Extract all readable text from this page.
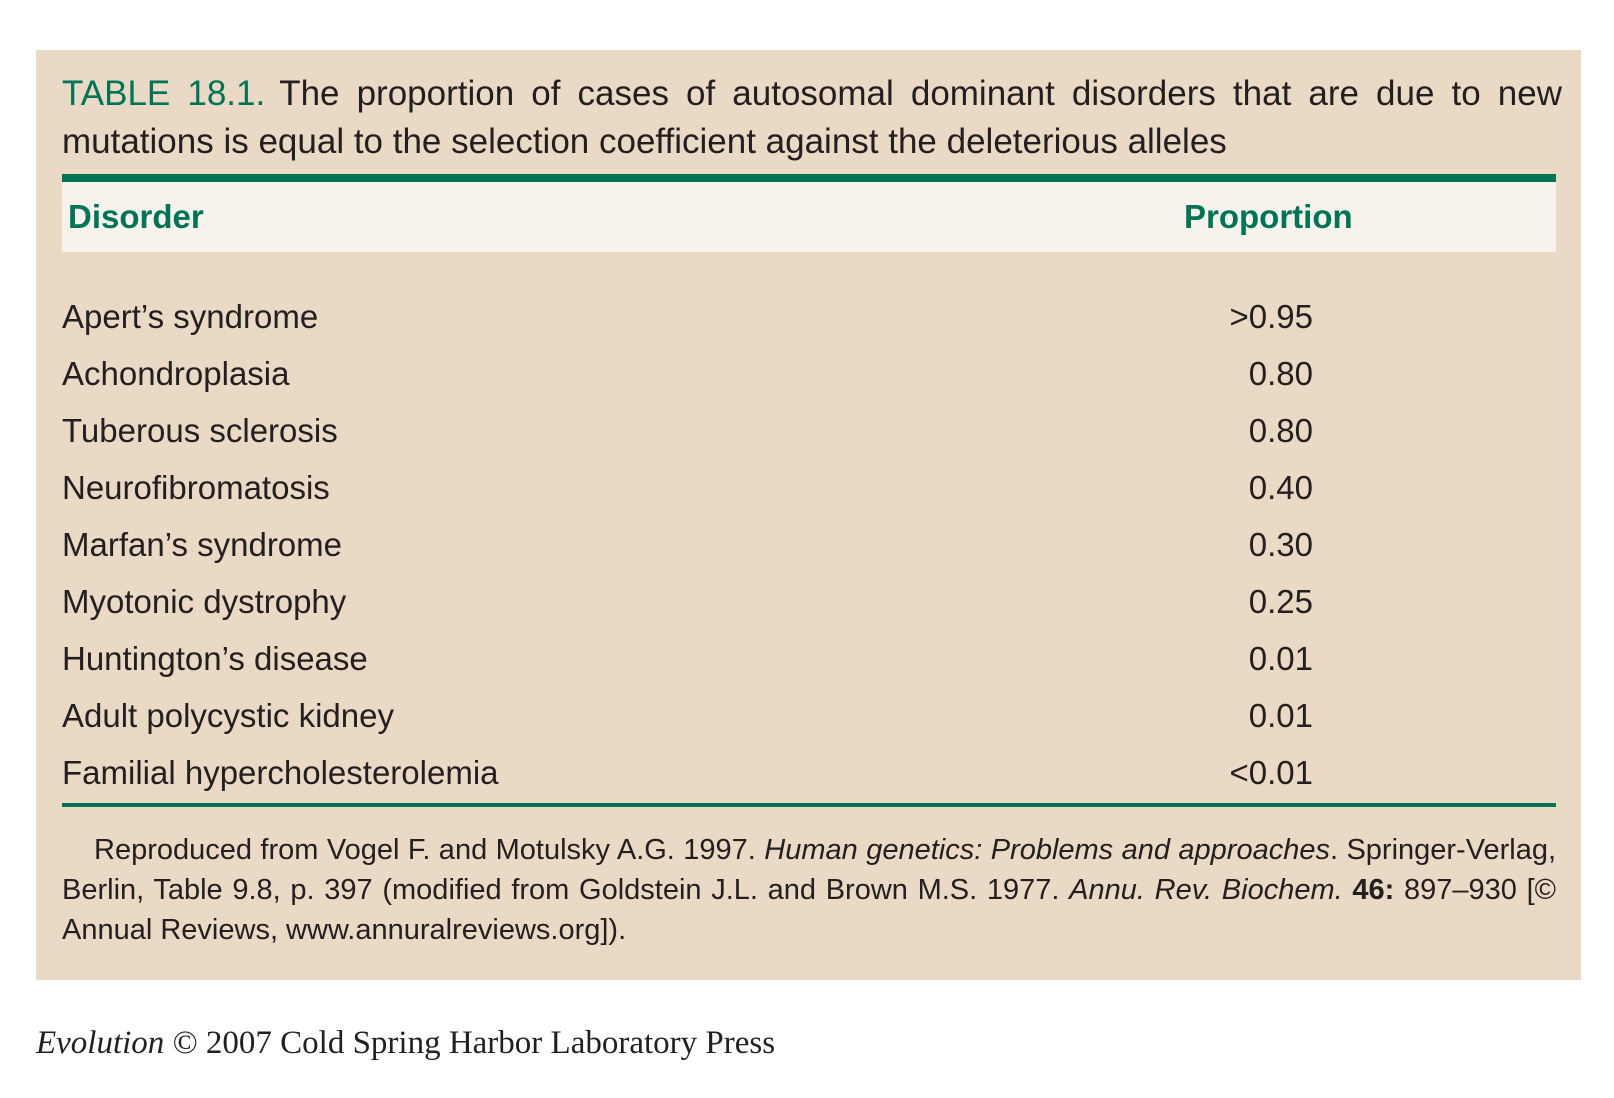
TABLE 18.1. The proportion of cases of autosomal dominant disorders that are due to new mutations is equal to the selection coefficient against the deleterious alleles
Disorder	Proportion
Apert’s syndrome	>0.95
Achondroplasia	0.80
Tuberous sclerosis	0.80
Neurofibromatosis	0.40
Marfan’s syndrome	0.30
Myotonic dystrophy	0.25
Huntington’s disease	0.01
Adult polycystic kidney	0.01
Familial hypercholesterolemia	<0.01
Reproduced from Vogel F. and Motulsky A.G. 1997. Human genetics: Problems and approaches. Springer-Verlag, Berlin, Table 9.8, p. 397 (modified from Goldstein J.L. and Brown M.S. 1977. Annu. Rev. Biochem. 46: 897–930 [© Annual Reviews, www.annuralreviews.org]).
Evolution © 2007 Cold Spring Harbor Laboratory Press
